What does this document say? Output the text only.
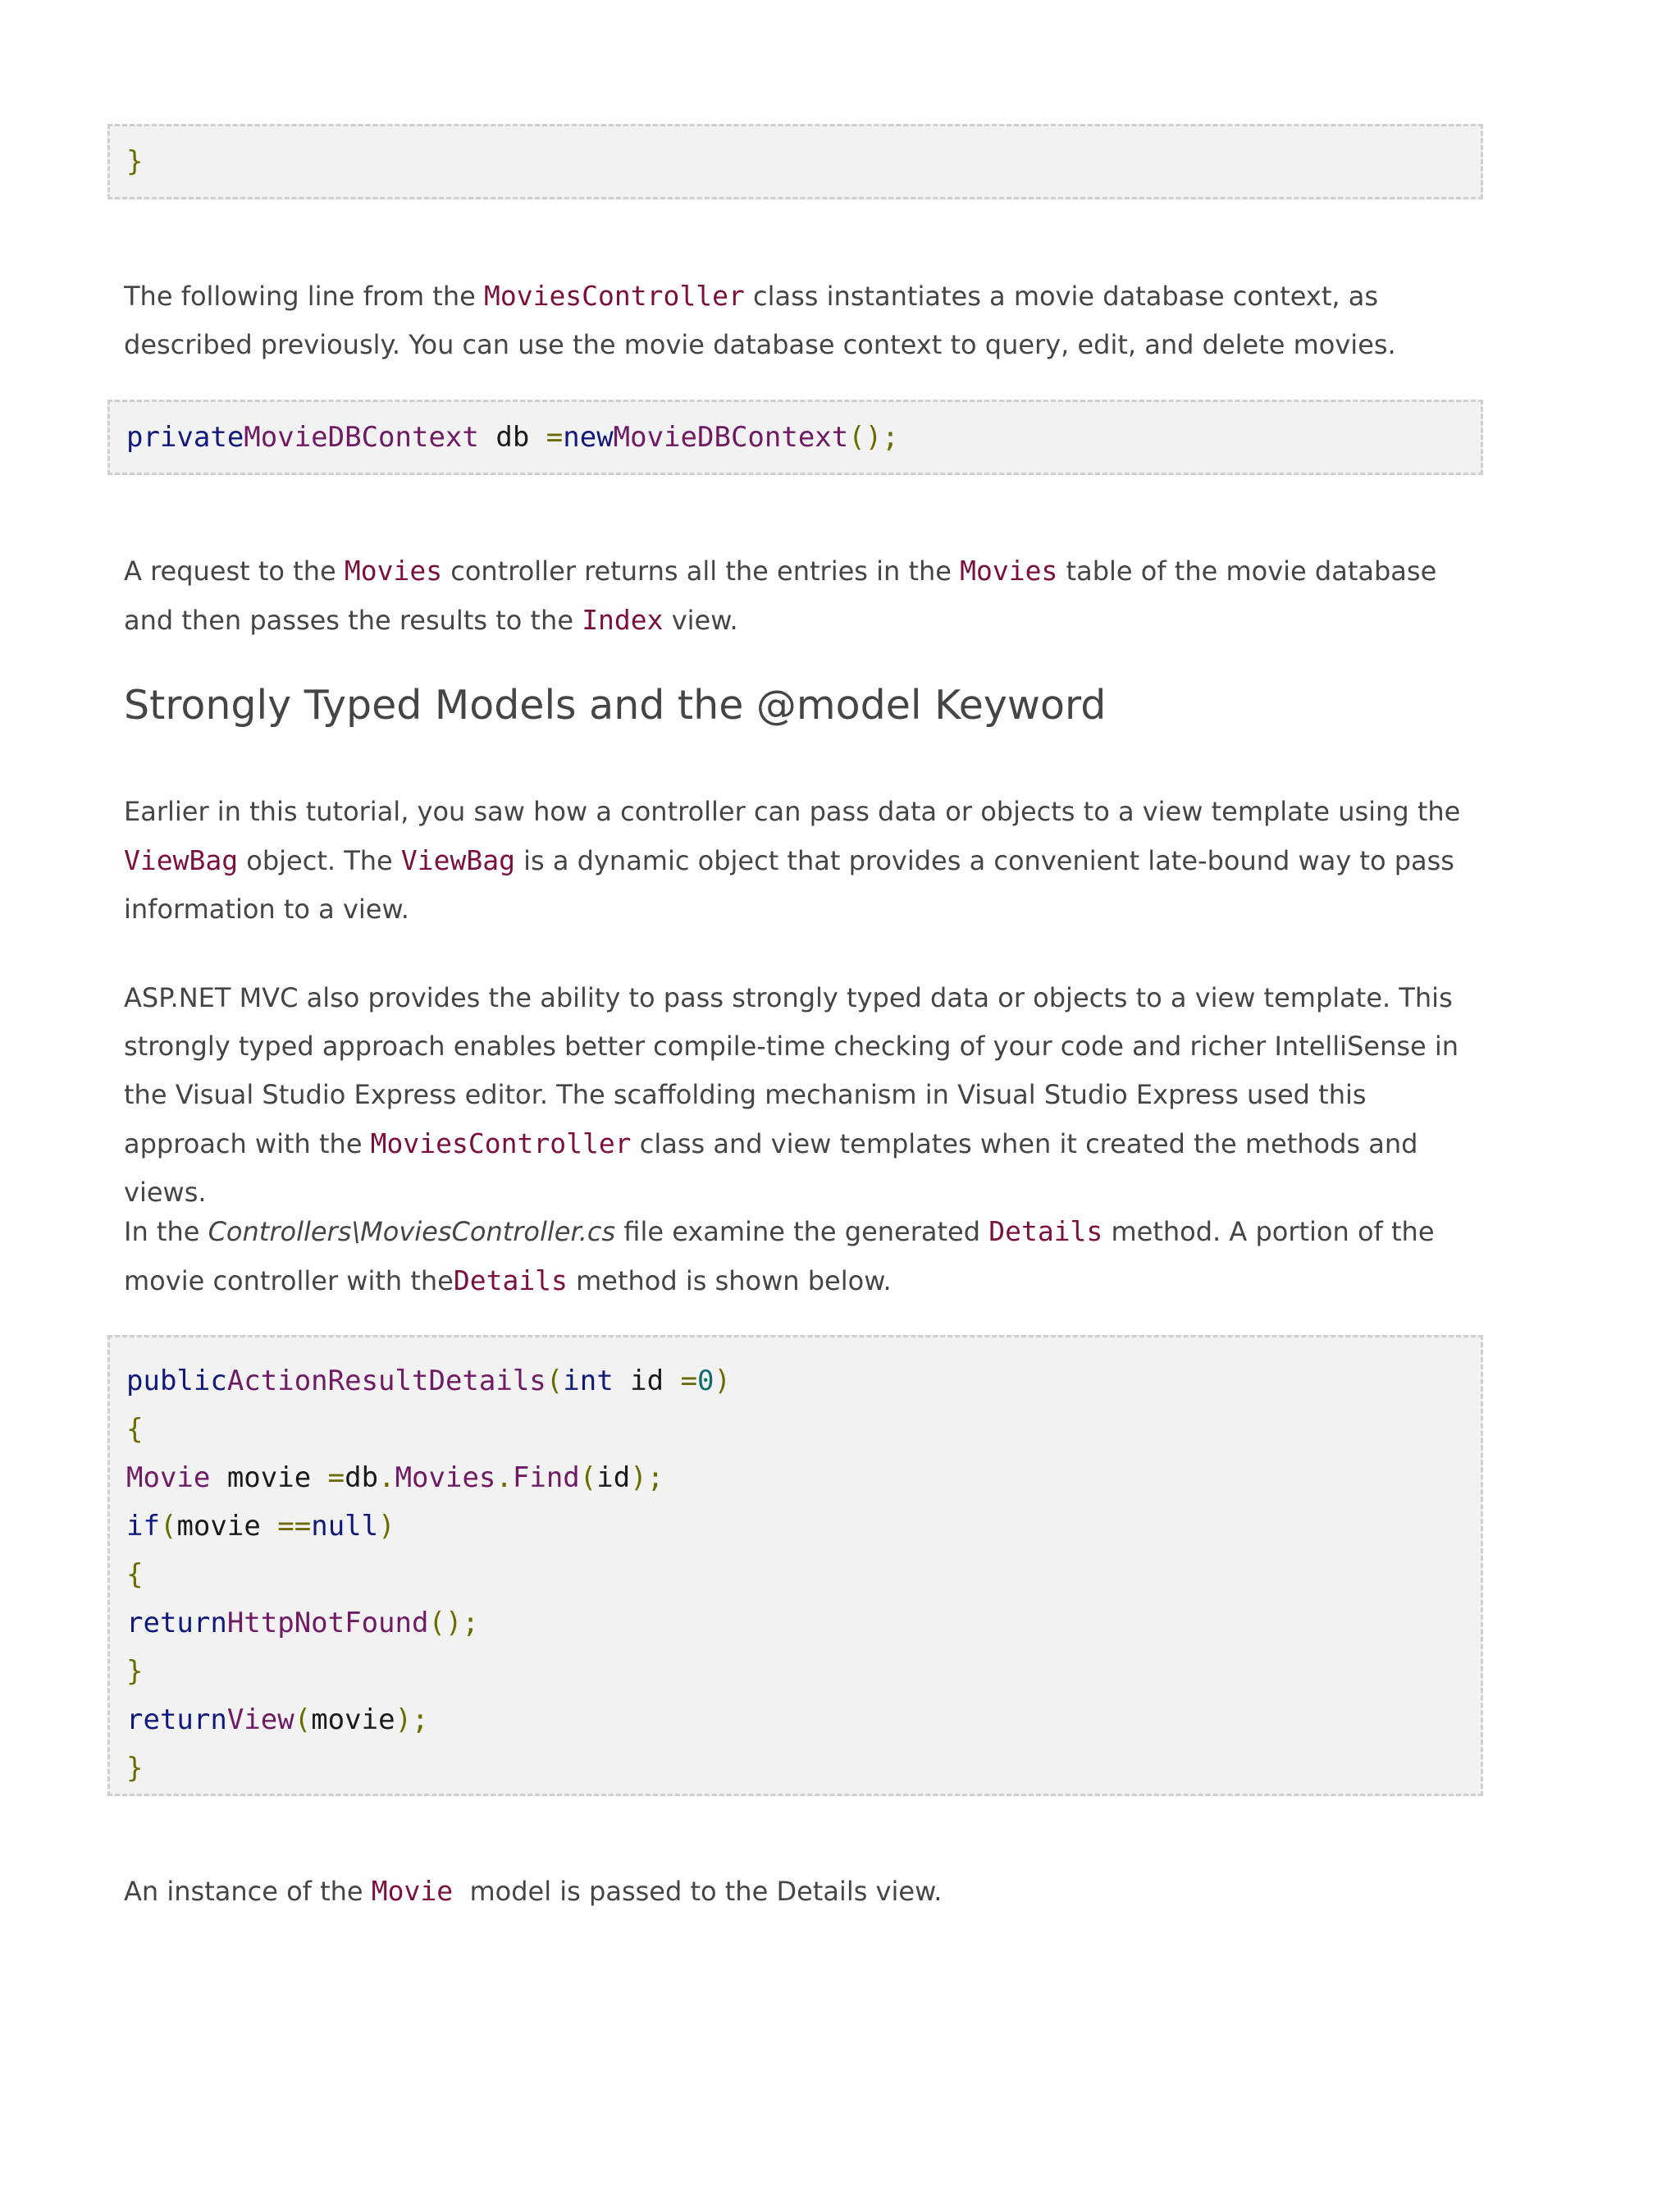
}
The following line from the MoviesController class instantiates a movie database context, as described previously. You can use the movie database context to query, edit, and delete movies.
privateMovieDBContext db =newMovieDBContext();
A request to the Movies controller returns all the entries in the Movies table of the movie database and then passes the results to the Index view.
Strongly Typed Models and the @model Keyword
Earlier in this tutorial, you saw how a controller can pass data or objects to a view template using the ViewBag object. The ViewBag is a dynamic object that provides a convenient late-bound way to pass information to a view.
ASP.NET MVC also provides the ability to pass strongly typed data or objects to a view template. This strongly typed approach enables better compile-time checking of your code and richer IntelliSense in the Visual Studio Express editor. The scaffolding mechanism in Visual Studio Express used this approach with the MoviesController class and view templates when it created the methods and views.
In the Controllers\MoviesController.cs file examine the generated Details method. A portion of the movie controller with theDetails method is shown below.
publicActionResultDetails(int id =0)
{
Movie movie =db.Movies.Find(id);
if(movie ==null)
{
returnHttpNotFound();
}
returnView(movie);
}
An instance of the Movie  model is passed to the Details view.
